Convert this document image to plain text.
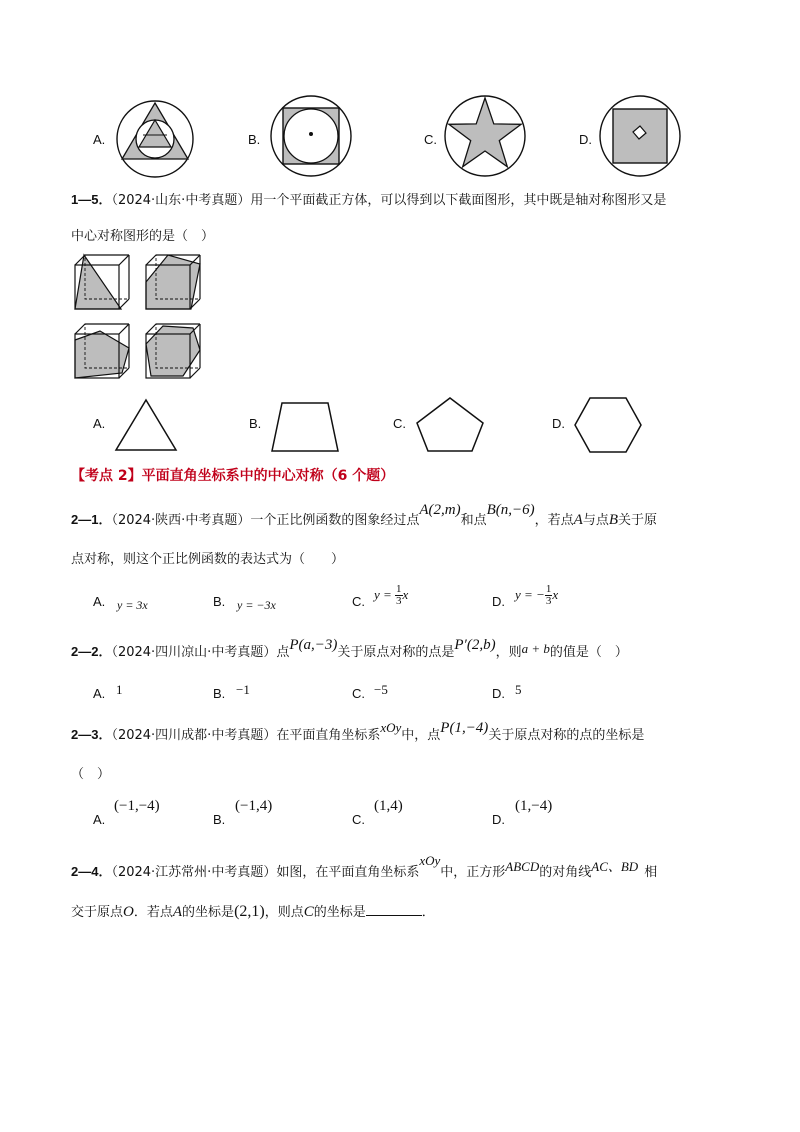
A.	B.	C.	D.
1—5．（2024·山东·中考真题）用一个平面截正方体，可以得到以下截面图形，其中既是轴对称图形又是
中心对称图形的是（　）
A.	B.	C.	D.
【考点 2】平面直角坐标系中的中心对称（6 个题）
2—1．（2024·陕西·中考真题）一个正比例函数的图象经过点A(2,m)和点B(n,−6)，若点A与点B关于原
点对称，则这个正比例函数的表达式为（　　）
A. y = 3x	B. y = −3x	C. $y = \frac{1}{3}$ x	D. y = − $\frac{1}{3}$ x
2—2．（2024·四川凉山·中考真题）点P(a,−3)关于原点对称的点是P′(2,b)，则a + b的值是（　）
A. 1	B. −1	C. −5	D. 5
2—3．（2024·四川成都·中考真题）在平面直角坐标系xOy中，点P(1,−4)关于原点对称的点的坐标是
（　）
A.
(−1,−4)
B.
(−1,4)
C.
(1,4)
D.
(1,−4)
2—4．（2024·江苏常州·中考真题）如图，在平面直角坐标系xOy中，正方形ABCD的对角线AC、BD 相
交于原点O．若点A的坐标是(2,1)，则点C的坐标是	．
